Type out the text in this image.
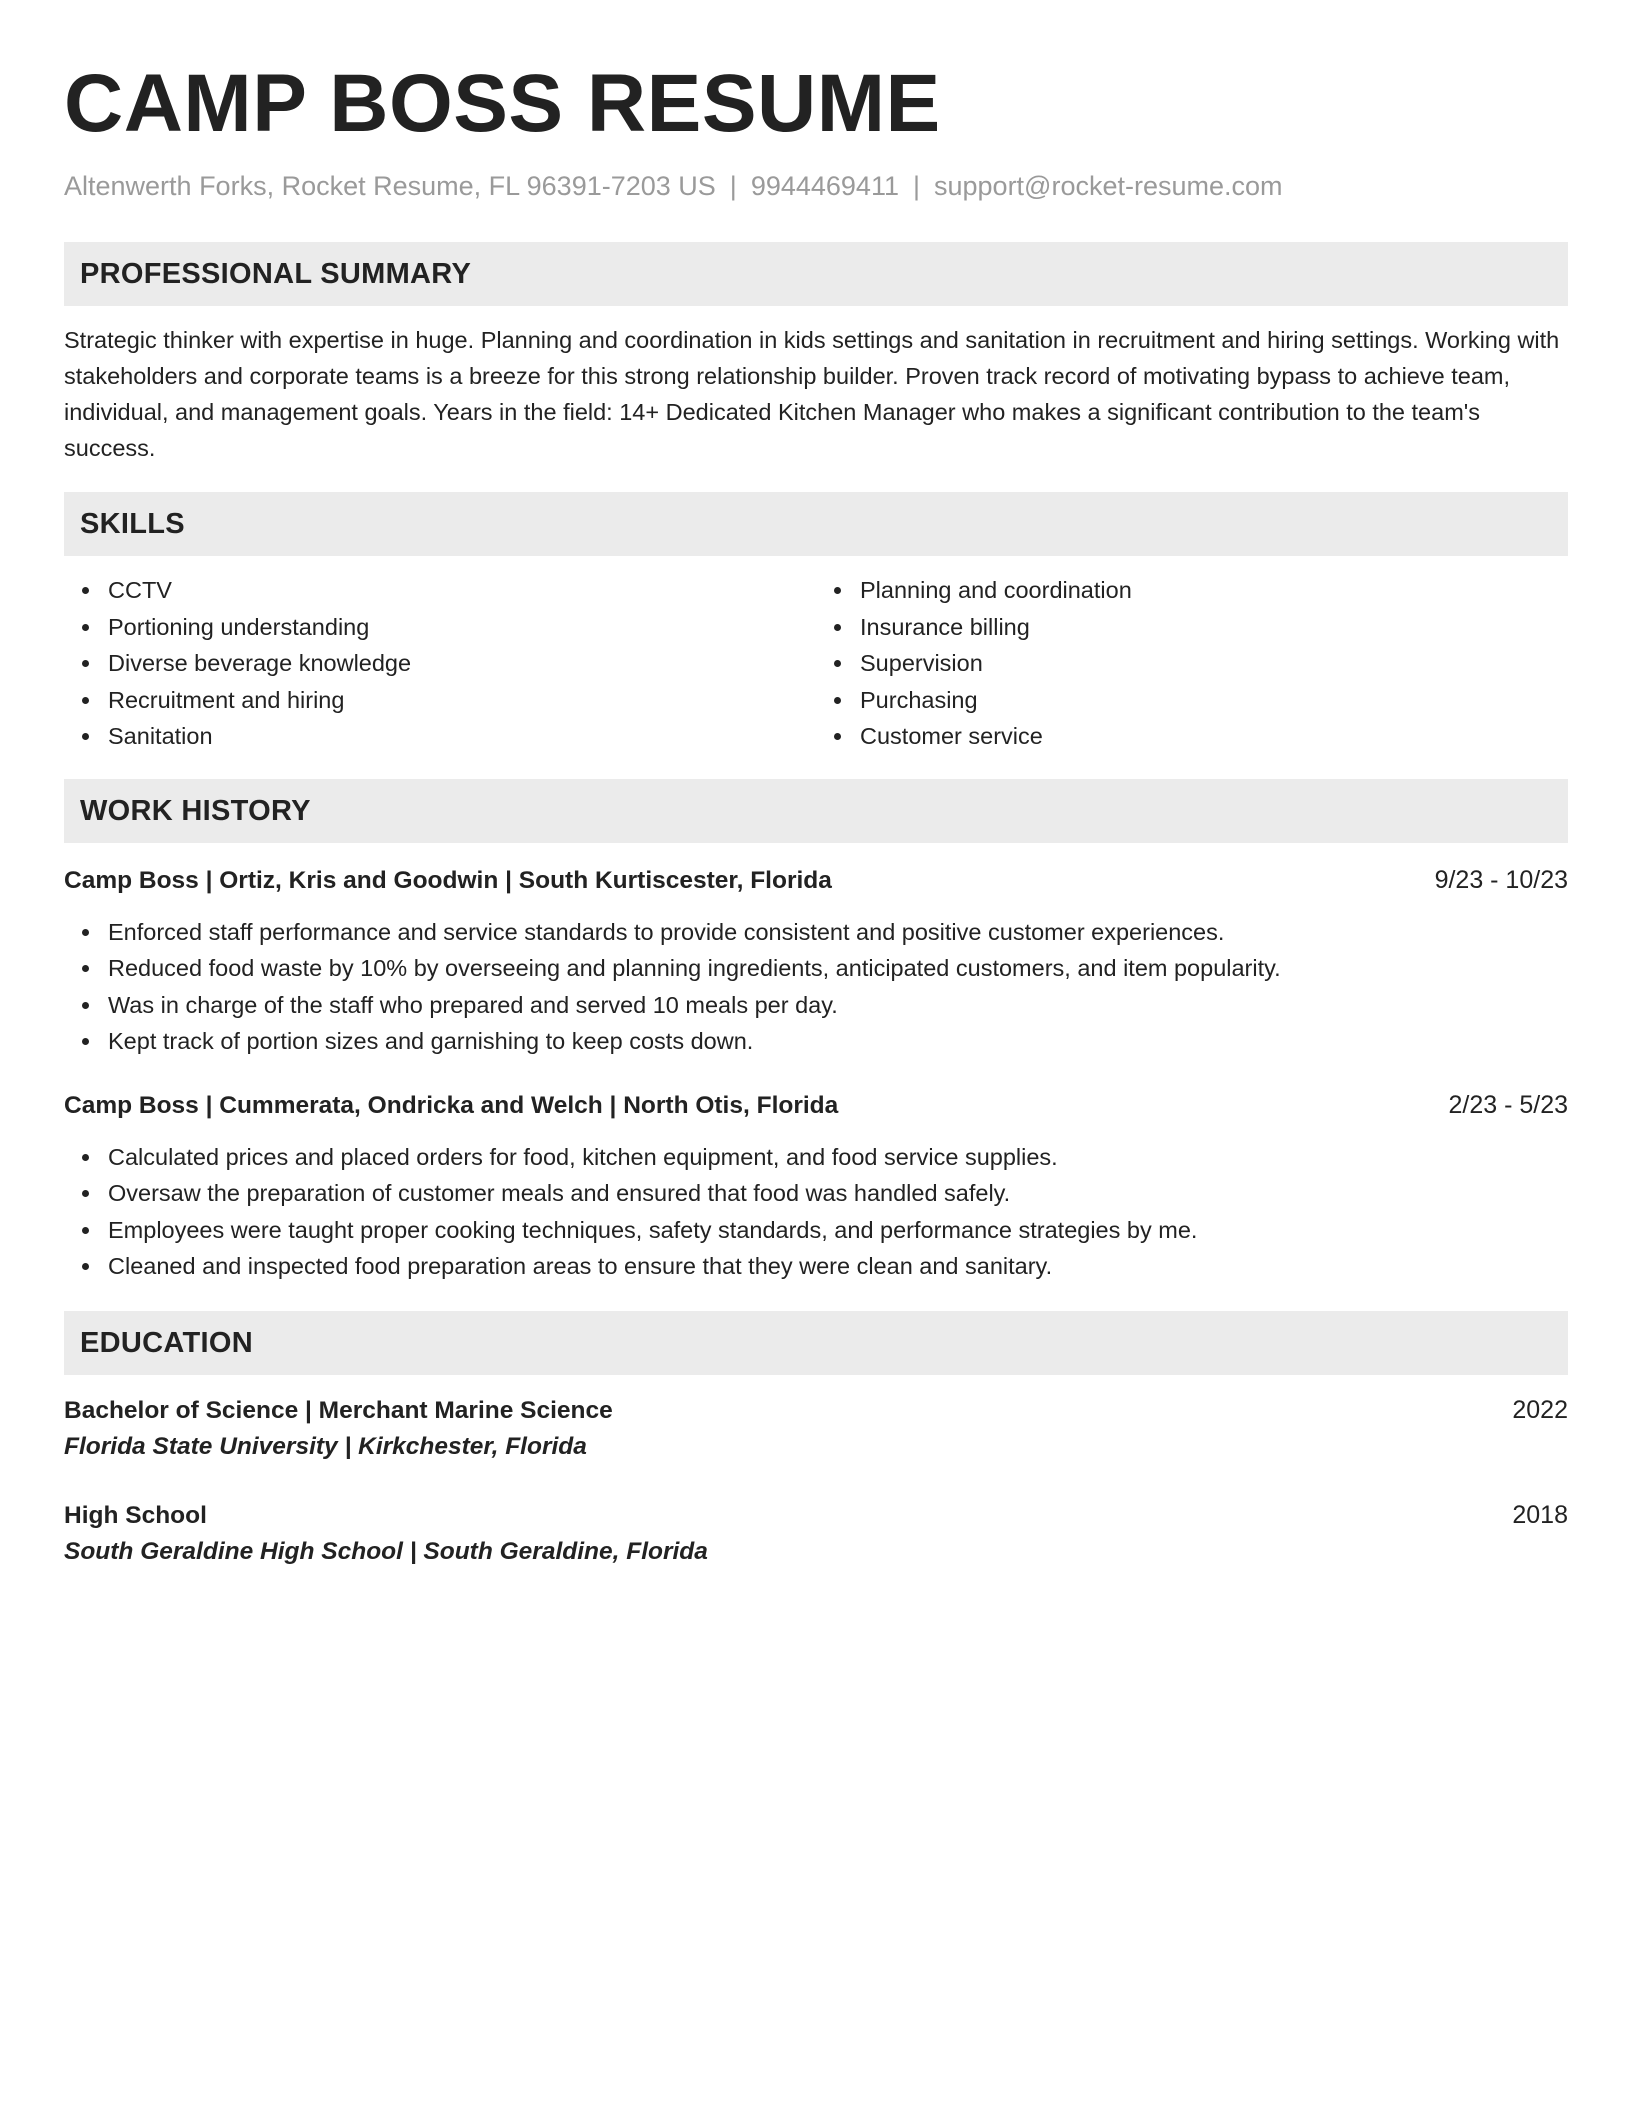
CAMP BOSS RESUME
Altenwerth Forks, Rocket Resume, FL 96391-7203 US | 9944469411 | support@rocket-resume.com
PROFESSIONAL SUMMARY

Strategic thinker with expertise in huge. Planning and coordination in kids settings and sanitation in recruitment and hiring settings. Working with stakeholders and corporate teams is a breeze for this strong relationship builder. Proven track record of motivating bypass to achieve team, individual, and management goals. Years in the field: 14+ Dedicated Kitchen Manager who makes a significant contribution to the team's success.

SKILLS
CCTV
Portioning understanding
Diverse beverage knowledge
Recruitment and hiring
Sanitation
Planning and coordination
Insurance billing
Supervision
Purchasing
Customer service
WORK HISTORY
Camp Boss | Ortiz, Kris and Goodwin | South Kurtiscester, Florida	9/23 - 10/23
Enforced staff performance and service standards to provide consistent and positive customer experiences.
Reduced food waste by 10% by overseeing and planning ingredients, anticipated customers, and item popularity.
Was in charge of the staff who prepared and served 10 meals per day.
Kept track of portion sizes and garnishing to keep costs down.
Camp Boss | Cummerata, Ondricka and Welch | North Otis, Florida	2/23 - 5/23
Calculated prices and placed orders for food, kitchen equipment, and food service supplies.
Oversaw the preparation of customer meals and ensured that food was handled safely.
Employees were taught proper cooking techniques, safety standards, and performance strategies by me.
Cleaned and inspected food preparation areas to ensure that they were clean and sanitary.
EDUCATION
Bachelor of Science | Merchant Marine Science	2022
Florida State University | Kirkchester, Florida
High School	2018
South Geraldine High School | South Geraldine, Florida
